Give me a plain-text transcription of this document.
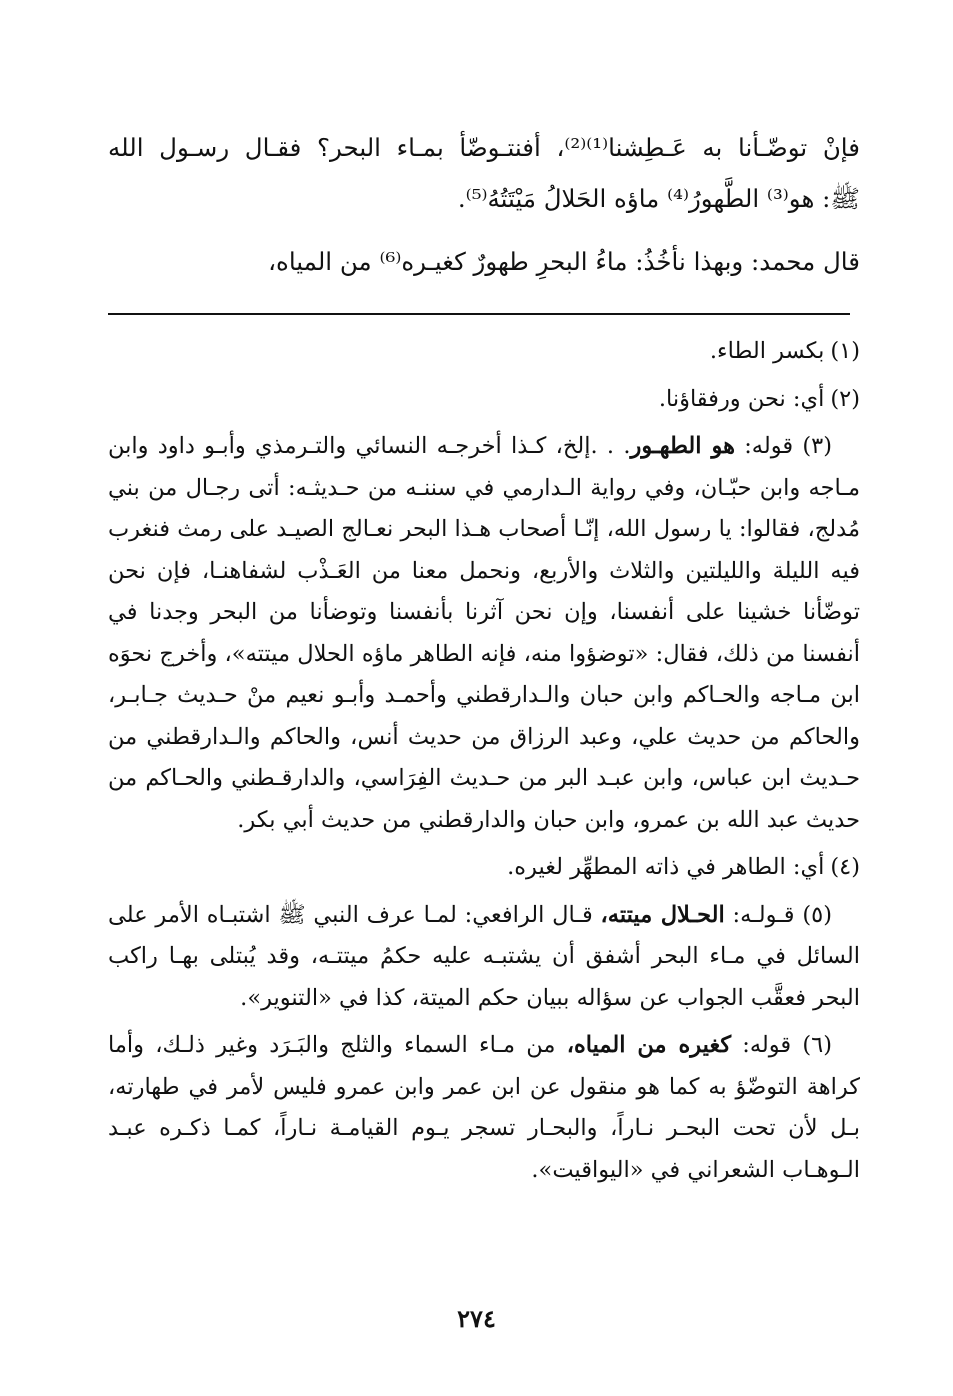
فإنْ توضّـأنا به عَـطِشنا⁽¹⁾⁽²⁾، أفنتـوضّأ بمـاء البحر؟ فقـال رسـول الله

ﷺ: هو⁽³⁾ الطَّهورُ⁽⁴⁾ ماؤه الحَلالُ مَيْتَتُهُ⁽⁵⁾.

قال محمد: وبهذا نأخُذُ: ماءُ البحرِ طهورٌ كغيـره⁽⁶⁾ من المياه،

(١)بكسر الطاء.

(٢)أي: نحن ورفقاؤنا.

(٣) قوله: هو الطهـور. . .إلخ، كـذا أخرجـه النسائي والتـرمذي وأبـو داود وابن مـاجه وابن حبّـان، وفي رواية الـدارمي في سننـه من حـديثـه: أتى رجـال من بني مُدلج، فقالوا: يا رسول الله، إنّـا أصحاب هـذا البحر نعـالج الصيـد على رمث فنغرب فيه الليلة والليلتين والثلاث والأربع، ونحمل معنا من العَـذْب لشفاهنـا، فإن نحن توضّأنا خشينا على أنفسنا، وإن نحن آثرنا بأنفسنا وتوضأنا من البحر وجدنا في أنفسنا من ذلك، فقال: «توضؤوا منه، فإنه الطاهر ماؤه الحلال ميتته»، وأخرج نحوَه ابن مـاجه والحـاكم وابن حبان والـدارقطني وأحمـد وأبـو نعيم منْ حـديث جـابـر، والحاكم من حديث علي، وعبد الرزاق من حديث أنس، والحاكم والـدارقطني من حـديث ابن عباس، وابن عبـد البر من حـديث الفِرَاسي، والدارقـطني والحـاكم من حديث عبد الله بن عمرو، وابن حبان والدارقطني من حديث أبي بكر.

(٤)أي: الطاهر في ذاته المطهِّر لغيره.

(٥) قـولـه: الحـلال ميتته، قـال الرافعي: لمـا عرف النبي ﷺ اشتبـاه الأمر على السائل في مـاء البحر أشفق أن يشتبـه عليه حكمُ ميتتـه، وقد يُبتلى بهـا راكب البحر فعقَّب الجواب عن سؤاله ببيان حكم الميتة، كذا في «التنوير».

(٦) قوله: كغيره من المياه، من مـاء السماء والثلج والبَـرَد وغير ذلـك، وأما كراهة التوضّؤ به كما هو منقول عن ابن عمر وابن عمرو فليس لأمر في طهارته، بـل لأن تحت البحـر نـاراً، والبحـار تسجر يـوم القيامـة نـاراً، كمـا ذكـره عبـد الـوهـاب الشعراني في «اليواقيت».

٢٧٤
